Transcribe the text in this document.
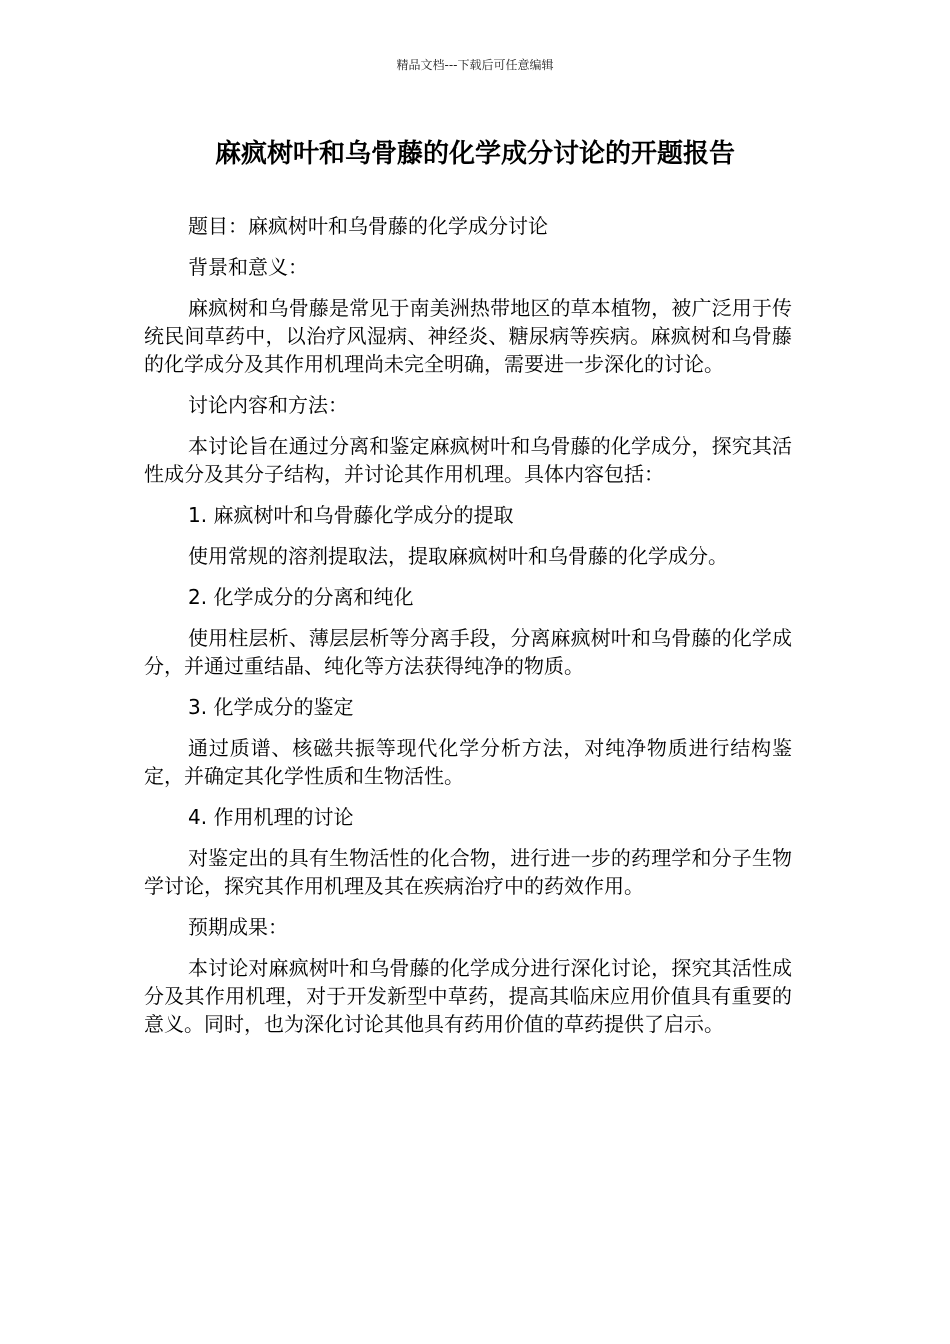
精品文档---下载后可任意编辑
麻疯树叶和乌骨藤的化学成分讨论的开题报告

题目：麻疯树叶和乌骨藤的化学成分讨论

背景和意义：

麻疯树和乌骨藤是常见于南美洲热带地区的草本植物，被广泛用于传统民间草药中，以治疗风湿病、神经炎、糖尿病等疾病。麻疯树和乌骨藤的化学成分及其作用机理尚未完全明确，需要进一步深化的讨论。

讨论内容和方法：

本讨论旨在通过分离和鉴定麻疯树叶和乌骨藤的化学成分，探究其活性成分及其分子结构，并讨论其作用机理。具体内容包括：

1. 麻疯树叶和乌骨藤化学成分的提取

使用常规的溶剂提取法，提取麻疯树叶和乌骨藤的化学成分。

2. 化学成分的分离和纯化

使用柱层析、薄层层析等分离手段，分离麻疯树叶和乌骨藤的化学成分，并通过重结晶、纯化等方法获得纯净的物质。

3. 化学成分的鉴定

通过质谱、核磁共振等现代化学分析方法，对纯净物质进行结构鉴定，并确定其化学性质和生物活性。

4. 作用机理的讨论

对鉴定出的具有生物活性的化合物，进行进一步的药理学和分子生物学讨论，探究其作用机理及其在疾病治疗中的药效作用。

预期成果：

本讨论对麻疯树叶和乌骨藤的化学成分进行深化讨论，探究其活性成分及其作用机理，对于开发新型中草药，提高其临床应用价值具有重要的意义。同时，也为深化讨论其他具有药用价值的草药提供了启示。
